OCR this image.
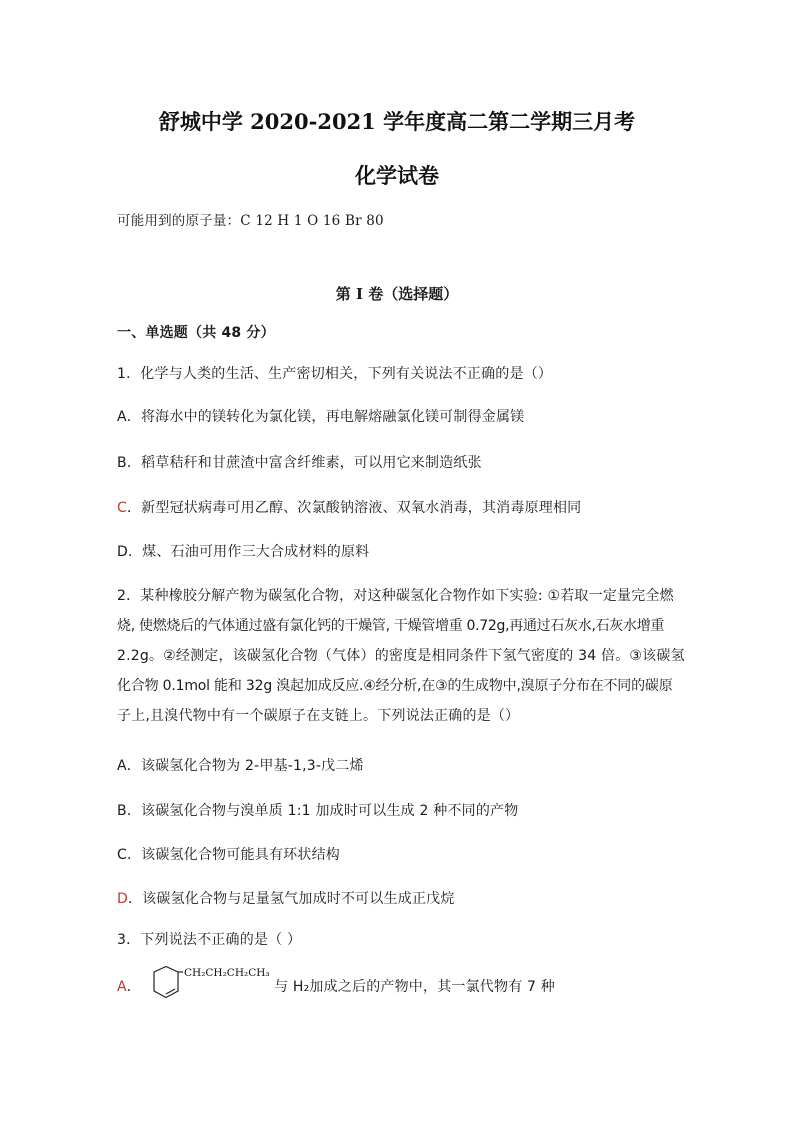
舒城中学 2020-2021 学年度高二第二学期三月考
化学试卷
可能用到的原子量：C 12 H 1 O 16 Br 80
第 I 卷（选择题）
一、单选题（共 48 分）
1．化学与人类的生活、生产密切相关，下列有关说法不正确的是（）
A．将海水中的镁转化为氯化镁，再电解熔融氯化镁可制得金属镁
B．稻草秸秆和甘蔗渣中富含纤维素，可以用它来制造纸张
C．新型冠状病毒可用乙醇、次氯酸钠溶液、双氧水消毒，其消毒原理相同
D．煤、石油可用作三大合成材料的原料
2．某种橡胶分解产物为碳氢化合物，对这种碳氢化合物作如下实验: ①若取一定量完全燃
烧, 使燃烧后的气体通过盛有氯化钙的干燥管, 干燥管增重 0.72g,再通过石灰水,石灰水增重
2.2g。②经测定，该碳氢化合物（气体）的密度是相同条件下氢气密度的 34 倍。③该碳氢
化合物 0.1mol 能和 32g 溴起加成反应.④经分析,在③的生成物中,溴原子分布在不同的碳原
子上,且溴代物中有一个碳原子在支链上。下列说法正确的是（）
A．该碳氢化合物为 2-甲基-1,3-戊二烯
B．该碳氢化合物与溴单质 1:1 加成时可以生成 2 种不同的产物
C．该碳氢化合物可能具有环状结构
D．该碳氢化合物与足量氢气加成时不可以生成正戊烷
3．下列说法不正确的是（ ）
A．
CH₂CH₂CH₂CH₃
与 H₂加成之后的产物中，其一氯代物有 7 种
